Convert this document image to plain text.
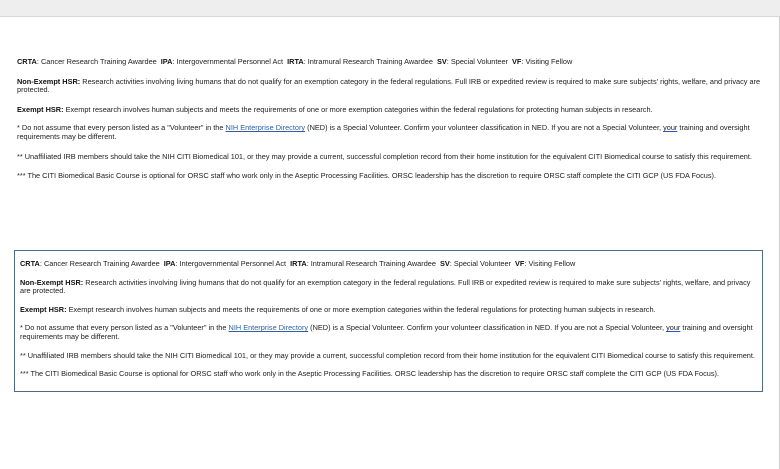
CRTA: Cancer Research Training Awardee IPA: Intergovernmental Personnel Act IRTA: Intramural Research Training Awardee SV: Special Volunteer VF: Visiting Fellow

Non-Exempt HSR: Research activities involving living humans that do not qualify for an exemption category in the federal regulations. Full IRB or expedited review is required to make sure subjects' rights, welfare, and privacy are protected.

Exempt HSR: Exempt research involves human subjects and meets the requirements of one or more exemption categories within the federal regulations for protecting human subjects in research.

* Do not assume that every person listed as a "Volunteer" in the NIH Enterprise Directory (NED) is a Special Volunteer. Confirm your volunteer classification in NED. If you are not a Special Volunteer, your training and oversight requirements may be different.

** Unaffiliated IRB members should take the NIH CITI Biomedical 101, or they may provide a current, successful completion record from their home institution for the equivalent CITI Biomedical course to satisfy this requirement.

*** The CITI Biomedical Basic Course is optional for ORSC staff who work only in the Aseptic Processing Facilities. ORSC leadership has the discretion to require ORSC staff complete the CITI GCP (US FDA Focus).

CRTA: Cancer Research Training Awardee IPA: Intergovernmental Personnel Act IRTA: Intramural Research Training Awardee SV: Special Volunteer VF: Visiting Fellow

Non-Exempt HSR: Research activities involving living humans that do not qualify for an exemption category in the federal regulations. Full IRB or expedited review is required to make sure subjects' rights, welfare, and privacy are protected.

Exempt HSR: Exempt research involves human subjects and meets the requirements of one or more exemption categories within the federal regulations for protecting human subjects in research.

* Do not assume that every person listed as a "Volunteer" in the NIH Enterprise Directory (NED) is a Special Volunteer. Confirm your volunteer classification in NED. If you are not a Special Volunteer, your training and oversight requirements may be different.

** Unaffiliated IRB members should take the NIH CITI Biomedical 101, or they may provide a current, successful completion record from their home institution for the equivalent CITI Biomedical course to satisfy this requirement.

*** The CITI Biomedical Basic Course is optional for ORSC staff who work only in the Aseptic Processing Facilities. ORSC leadership has the discretion to require ORSC staff complete the CITI GCP (US FDA Focus).
